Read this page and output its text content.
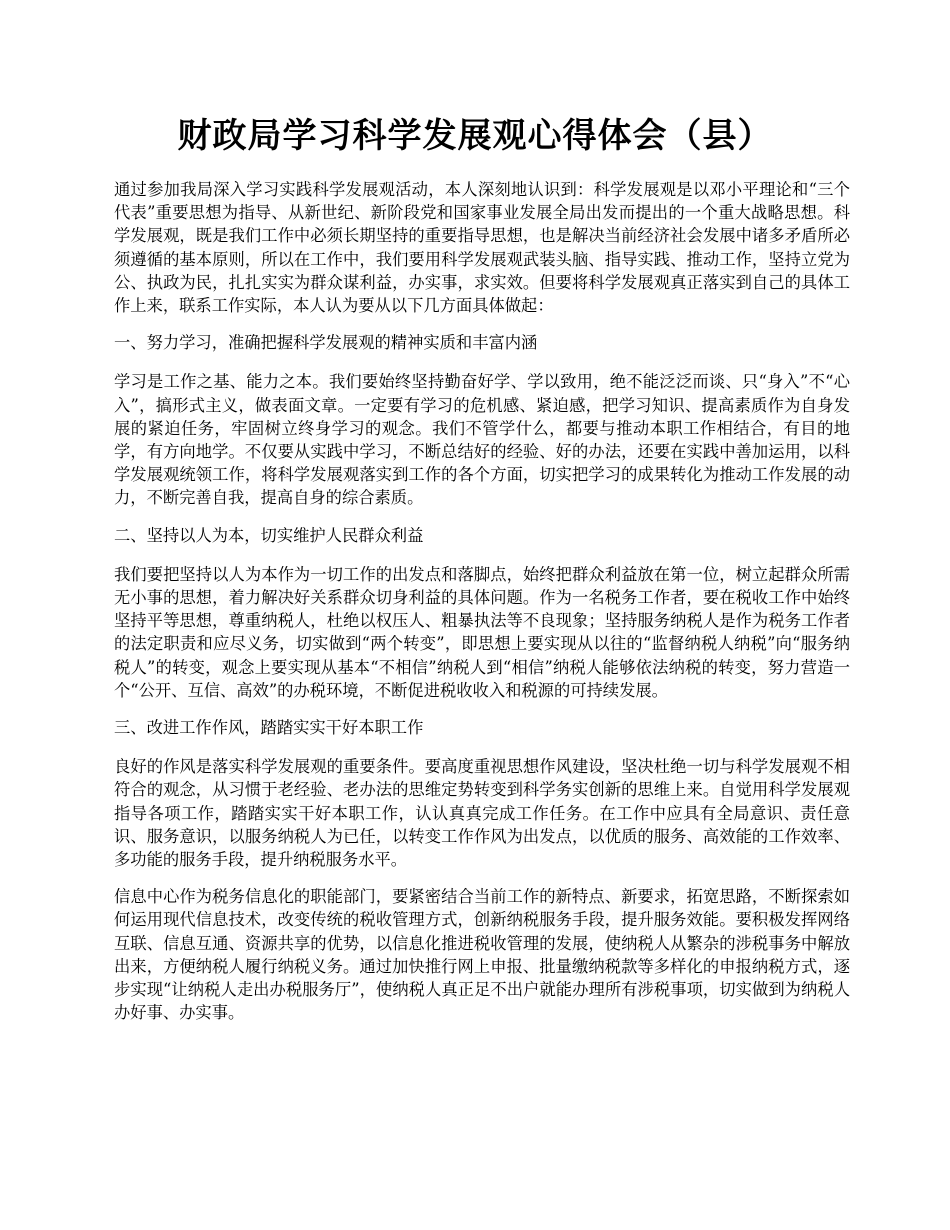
财政局学习科学发展观心得体会（县）

通过参加我局深入学习实践科学发展观活动，本人深刻地认识到：科学发展观是以邓小平理论和“三个代表”重要思想为指导、从新世纪、新阶段党和国家事业发展全局出发而提出的一个重大战略思想。科学发展观，既是我们工作中必须长期坚持的重要指导思想，也是解决当前经济社会发展中诸多矛盾所必须遵循的基本原则，所以在工作中，我们要用科学发展观武装头脑、指导实践、推动工作，坚持立党为公、执政为民，扎扎实实为群众谋利益，办实事，求实效。但要将科学发展观真正落实到自己的具体工作上来，联系工作实际，本人认为要从以下几方面具体做起：

一、努力学习，准确把握科学发展观的精神实质和丰富内涵

学习是工作之基、能力之本。我们要始终坚持勤奋好学、学以致用，绝不能泛泛而谈、只“身入”不“心入”，搞形式主义，做表面文章。一定要有学习的危机感、紧迫感，把学习知识、提高素质作为自身发展的紧迫任务，牢固树立终身学习的观念。我们不管学什么，都要与推动本职工作相结合，有目的地学，有方向地学。不仅要从实践中学习，不断总结好的经验、好的办法，还要在实践中善加运用，以科学发展观统领工作，将科学发展观落实到工作的各个方面，切实把学习的成果转化为推动工作发展的动力，不断完善自我，提高自身的综合素质。

二、坚持以人为本，切实维护人民群众利益

我们要把坚持以人为本作为一切工作的出发点和落脚点，始终把群众利益放在第一位，树立起群众所需无小事的思想，着力解决好关系群众切身利益的具体问题。作为一名税务工作者，要在税收工作中始终坚持平等思想，尊重纳税人，杜绝以权压人、粗暴执法等不良现象；坚持服务纳税人是作为税务工作者的法定职责和应尽义务，切实做到“两个转变”，即思想上要实现从以往的“监督纳税人纳税”向“服务纳税人”的转变，观念上要实现从基本“不相信”纳税人到“相信”纳税人能够依法纳税的转变，努力营造一个“公开、互信、高效”的办税环境，不断促进税收收入和税源的可持续发展。

三、改进工作作风，踏踏实实干好本职工作

良好的作风是落实科学发展观的重要条件。要高度重视思想作风建设，坚决杜绝一切与科学发展观不相符合的观念，从习惯于老经验、老办法的思维定势转变到科学务实创新的思维上来。自觉用科学发展观指导各项工作，踏踏实实干好本职工作，认认真真完成工作任务。在工作中应具有全局意识、责任意识、服务意识，以服务纳税人为已任，以转变工作作风为出发点，以优质的服务、高效能的工作效率、多功能的服务手段，提升纳税服务水平。

信息中心作为税务信息化的职能部门，要紧密结合当前工作的新特点、新要求，拓宽思路，不断探索如何运用现代信息技术，改变传统的税收管理方式，创新纳税服务手段，提升服务效能。要积极发挥网络互联、信息互通、资源共享的优势，以信息化推进税收管理的发展，使纳税人从繁杂的涉税事务中解放出来，方便纳税人履行纳税义务。通过加快推行网上申报、批量缴纳税款等多样化的申报纳税方式，逐步实现“让纳税人走出办税服务厅”，使纳税人真正足不出户就能办理所有涉税事项，切实做到为纳税人办好事、办实事。
